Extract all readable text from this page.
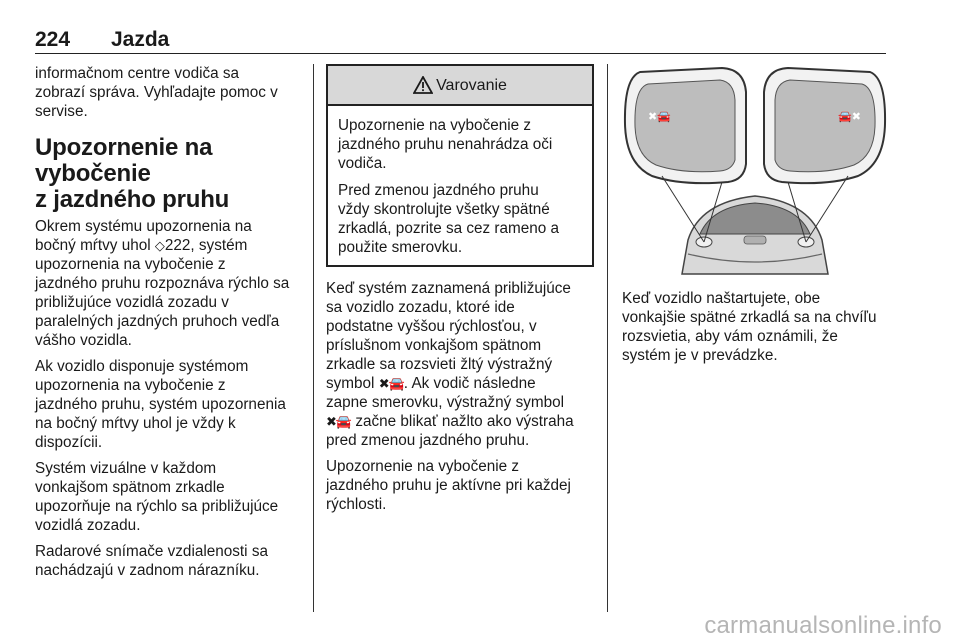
224 Jazda

informačnom centre vodiča sa
zobrazí správa. Vyhľadajte pomoc v
servise.

Upozornenie na vybočenie
z jazdného pruhu

Okrem systému upozornenia na
bočný mŕtvy uhol ◇222, systém
upozornenia na vybočenie z
jazdného pruhu rozpoznáva rýchlo sa
približujúce vozidlá zozadu v
paralelných jazdných pruhoch vedľa
vášho vozidla.

Ak vozidlo disponuje systémom
upozornenia na vybočenie z
jazdného pruhu, systém upozornenia
na bočný mŕtvy uhol je vždy k
dispozícii.

Systém vizuálne v každom
vonkajšom spätnom zrkadle
upozorňuje na rýchlo sa približujúce
vozidlá zozadu.

Radarové snímače vzdialenosti sa
nachádzajú v zadnom nárazníku.

Varovanie

Upozornenie na vybočenie z
jazdného pruhu nenahrádza oči
vodiča.

Pred zmenou jazdného pruhu
vždy skontrolujte všetky spätné
zrkadlá, pozrite sa cez rameno a
použite smerovku.

Keď systém zaznamená približujúce
sa vozidlo zozadu, ktoré ide
podstatne vyššou rýchlosťou, v
príslušnom vonkajšom spätnom
zrkadle sa rozsvieti žltý výstražný
symbol ✖🚘. Ak vodič následne
zapne smerovku, výstražný symbol
✖🚘 začne blikať nažlto ako výstraha
pred zmenou jazdného pruhu.

Upozornenie na vybočenie z
jazdného pruhu je aktívne pri každej
rýchlosti.

✖🚘	🚘✖

Keď vozidlo naštartujete, obe
vonkajšie spätné zrkadlá sa na chvíľu
rozsvietia, aby vám oznámili, že
systém je v prevádzke.

carmanualsonline.info
